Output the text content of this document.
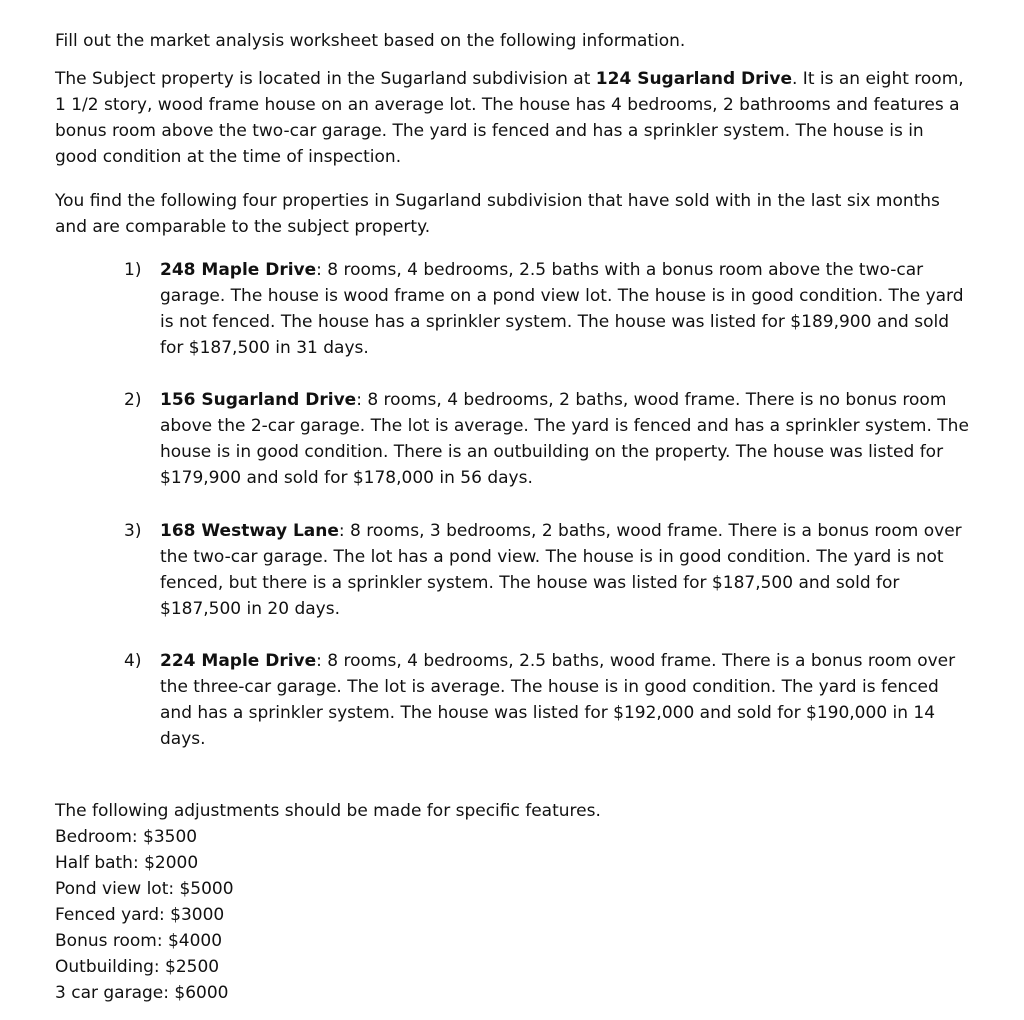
Fill out the market analysis worksheet based on the following information.

The Subject property is located in the Sugarland subdivision at 124 Sugarland Drive. It is an eight room, 1 1/2 story, wood frame house on an average lot. The house has 4 bedrooms, 2 bathrooms and features a bonus room above the two-car garage. The yard is fenced and has a sprinkler system. The house is in good condition at the time of inspection.

You find the following four properties in Sugarland subdivision that have sold with in the last six months and are comparable to the subject property.

1)	248 Maple Drive: 8 rooms, 4 bedrooms, 2.5 baths with a bonus room above the two-car garage. The house is wood frame on a pond view lot. The house is in good condition. The yard is not fenced. The house has a sprinkler system. The house was listed for $189,900 and sold for $187,500 in 31 days.
2)	156 Sugarland Drive: 8 rooms, 4 bedrooms, 2 baths, wood frame. There is no bonus room above the 2-car garage. The lot is average. The yard is fenced and has a sprinkler system. The house is in good condition. There is an outbuilding on the property. The house was listed for $179,900 and sold for $178,000 in 56 days.
3)	168 Westway Lane: 8 rooms, 3 bedrooms, 2 baths, wood frame. There is a bonus room over the two-car garage. The lot has a pond view. The house is in good condition. The yard is not fenced, but there is a sprinkler system. The house was listed for $187,500 and sold for $187,500 in 20 days.
4)	224 Maple Drive: 8 rooms, 4 bedrooms, 2.5 baths, wood frame. There is a bonus room over the three-car garage. The lot is average. The house is in good condition. The yard is fenced and has a sprinkler system. The house was listed for $192,000 and sold for $190,000 in 14 days.
The following adjustments should be made for specific features.
Bedroom: $3500
Half bath: $2000
Pond view lot: $5000
Fenced yard: $3000
Bonus room: $4000
Outbuilding: $2500
3 car garage: $6000
